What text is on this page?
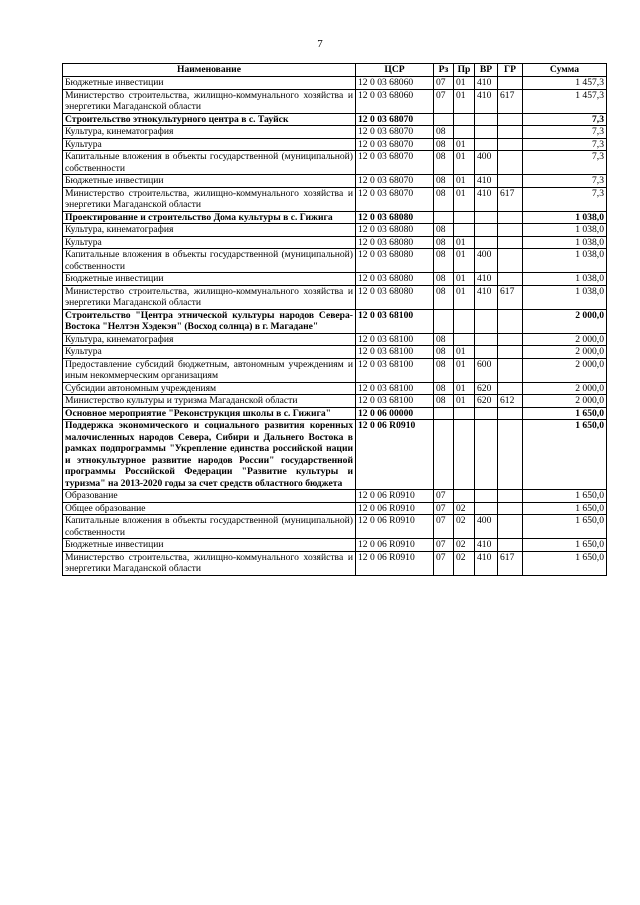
7
Наименование	ЦСР	Рз	Пр	ВР	ГР	Сумма
Бюджетные инвестиции	12 0 03 68060	07	01	410		1 457,3
Министерство строительства, жилищно-коммунального хозяйства и энергетики Магаданской области	12 0 03 68060	07	01	410	617	1 457,3
Строительство этнокультурного центра в с. Тауйск	12 0 03 68070					7,3
Культура, кинематография	12 0 03 68070	08				7,3
Культура	12 0 03 68070	08	01			7,3
Капитальные вложения в объекты государственной (муниципальной) собственности	12 0 03 68070	08	01	400		7,3
Бюджетные инвестиции	12 0 03 68070	08	01	410		7,3
Министерство строительства, жилищно-коммунального хозяйства и энергетики Магаданской области	12 0 03 68070	08	01	410	617	7,3
Проектирование и строительство Дома культуры в с. Гижига	12 0 03 68080					1 038,0
Культура, кинематография	12 0 03 68080	08				1 038,0
Культура	12 0 03 68080	08	01			1 038,0
Капитальные вложения в объекты государственной (муниципальной) собственности	12 0 03 68080	08	01	400		1 038,0
Бюджетные инвестиции	12 0 03 68080	08	01	410		1 038,0
Министерство строительства, жилищно-коммунального хозяйства и энергетики Магаданской области	12 0 03 68080	08	01	410	617	1 038,0
Строительство "Центра этнической культуры народов Севера-Востока "Нелтэн Хэдекэн" (Восход солнца) в г. Магадане"	12 0 03 68100					2 000,0
Культура, кинематография	12 0 03 68100	08				2 000,0
Культура	12 0 03 68100	08	01			2 000,0
Предоставление субсидий бюджетным, автономным учреждениям и иным некоммерческим организациям	12 0 03 68100	08	01	600		2 000,0
Субсидии автономным учреждениям	12 0 03 68100	08	01	620		2 000,0
Министерство культуры и туризма Магаданской области	12 0 03 68100	08	01	620	612	2 000,0
Основное мероприятие "Реконструкция школы в с. Гижига"	12 0 06 00000					1 650,0
Поддержка экономического и социального развития коренных малочисленных народов Севера, Сибири и Дальнего Востока в рамках подпрограммы "Укрепление единства российской нации и этнокультурное развитие народов России" государственной программы Российской Федерации "Развитие культуры и туризма" на 2013-2020 годы за счет средств областного бюджета	12 0 06 R0910					1 650,0
Образование	12 0 06 R0910	07				1 650,0
Общее образование	12 0 06 R0910	07	02			1 650,0
Капитальные вложения в объекты государственной (муниципальной) собственности	12 0 06 R0910	07	02	400		1 650,0
Бюджетные инвестиции	12 0 06 R0910	07	02	410		1 650,0
Министерство строительства, жилищно-коммунального хозяйства и энергетики Магаданской области	12 0 06 R0910	07	02	410	617	1 650,0
